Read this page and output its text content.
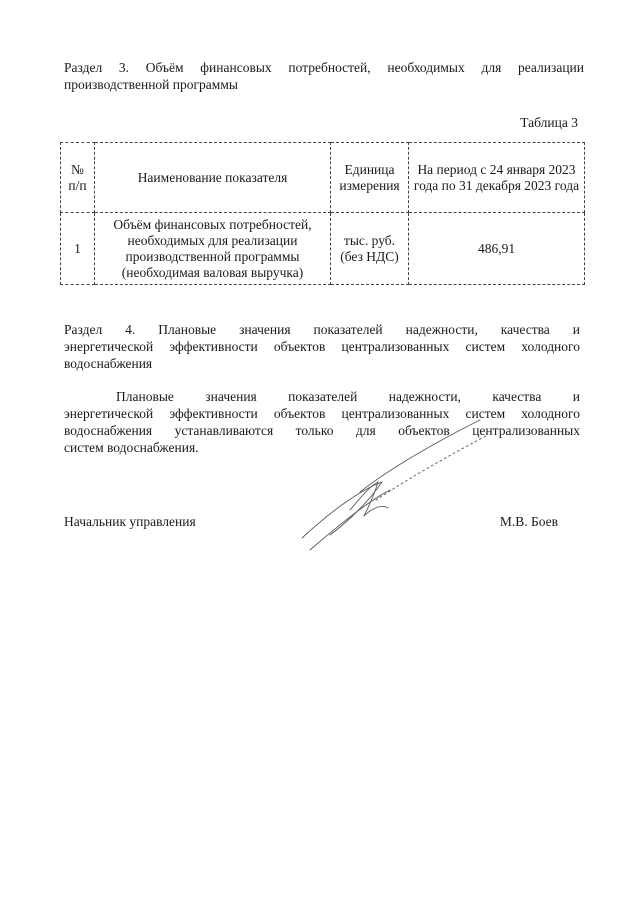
Раздел 3. Объём финансовых потребностей, необходимых для реализации
производственной программы
Таблица 3
№ п/п	Наименование показателя	Единица измерения	На период с 24 января 2023 года по 31 декабря 2023 года
1	Объём финансовых потребностей, необходимых для реализации производственной программы (необходимая валовая выручка)	тыс. руб. (без НДС)	486,91
Раздел 4. Плановые значения показателей надежности, качества и
энергетической эффективности объектов централизованных систем холодного
водоснабжения
Плановые значения показателей надежности, качества и
энергетической эффективности объектов централизованных систем холодного
водоснабжения устанавливаются только для объектов централизованных
систем водоснабжения.
Начальник управления	М.В. Боев
